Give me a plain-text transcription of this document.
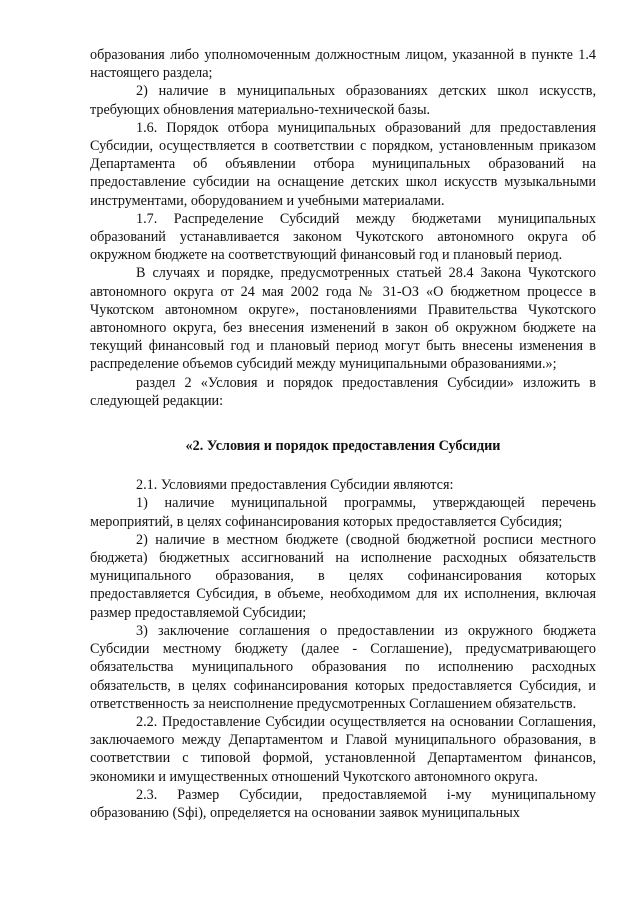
образования либо уполномоченным должностным лицом, указанной в пункте 1.4 настоящего раздела;

2) наличие в муниципальных образованиях детских школ искусств, требующих обновления материально-технической базы.

1.6. Порядок отбора муниципальных образований для предоставления Субсидии, осуществляется в соответствии с порядком, установленным приказом Департамента об объявлении отбора муниципальных образований на предоставление субсидии на оснащение детских школ искусств музыкальными инструментами, оборудованием и учебными материалами.

1.7. Распределение Субсидий между бюджетами муниципальных образований устанавливается законом Чукотского автономного округа об окружном бюджете на соответствующий финансовый год и плановый период.

В случаях и порядке, предусмотренных статьей 28.4 Закона Чукотского автономного округа от 24 мая 2002 года № 31-ОЗ «О бюджетном процессе в Чукотском автономном округе», постановлениями Правительства Чукотского автономного округа, без внесения изменений в закон об окружном бюджете на текущий финансовый год и плановый период могут быть внесены изменения в распределение объемов субсидий между муниципальными образованиями.»;

раздел 2 «Условия и порядок предоставления Субсидии» изложить в следующей редакции:

«2. Условия и порядок предоставления Субсидии

2.1. Условиями предоставления Субсидии являются:

1) наличие муниципальной программы, утверждающей перечень мероприятий, в целях софинансирования которых предоставляется Субсидия;

2) наличие в местном бюджете (сводной бюджетной росписи местного бюджета) бюджетных ассигнований на исполнение расходных обязательств муниципального образования, в целях софинансирования которых предоставляется Субсидия, в объеме, необходимом для их исполнения, включая размер предоставляемой Субсидии;

3) заключение соглашения о предоставлении из окружного бюджета Субсидии местному бюджету (далее - Соглашение), предусматривающего обязательства муниципального образования по исполнению расходных обязательств, в целях софинансирования которых предоставляется Субсидия, и ответственность за неисполнение предусмотренных Соглашением обязательств.

2.2. Предоставление Субсидии осуществляется на основании Соглашения, заключаемого между Департаментом и Главой муниципального образования, в соответствии с типовой формой, установленной Департаментом финансов, экономики и имущественных отношений Чукотского автономного округа.

2.3. Размер Субсидии, предоставляемой i-му муниципальному образованию (Sфi), определяется на основании заявок муниципальных
